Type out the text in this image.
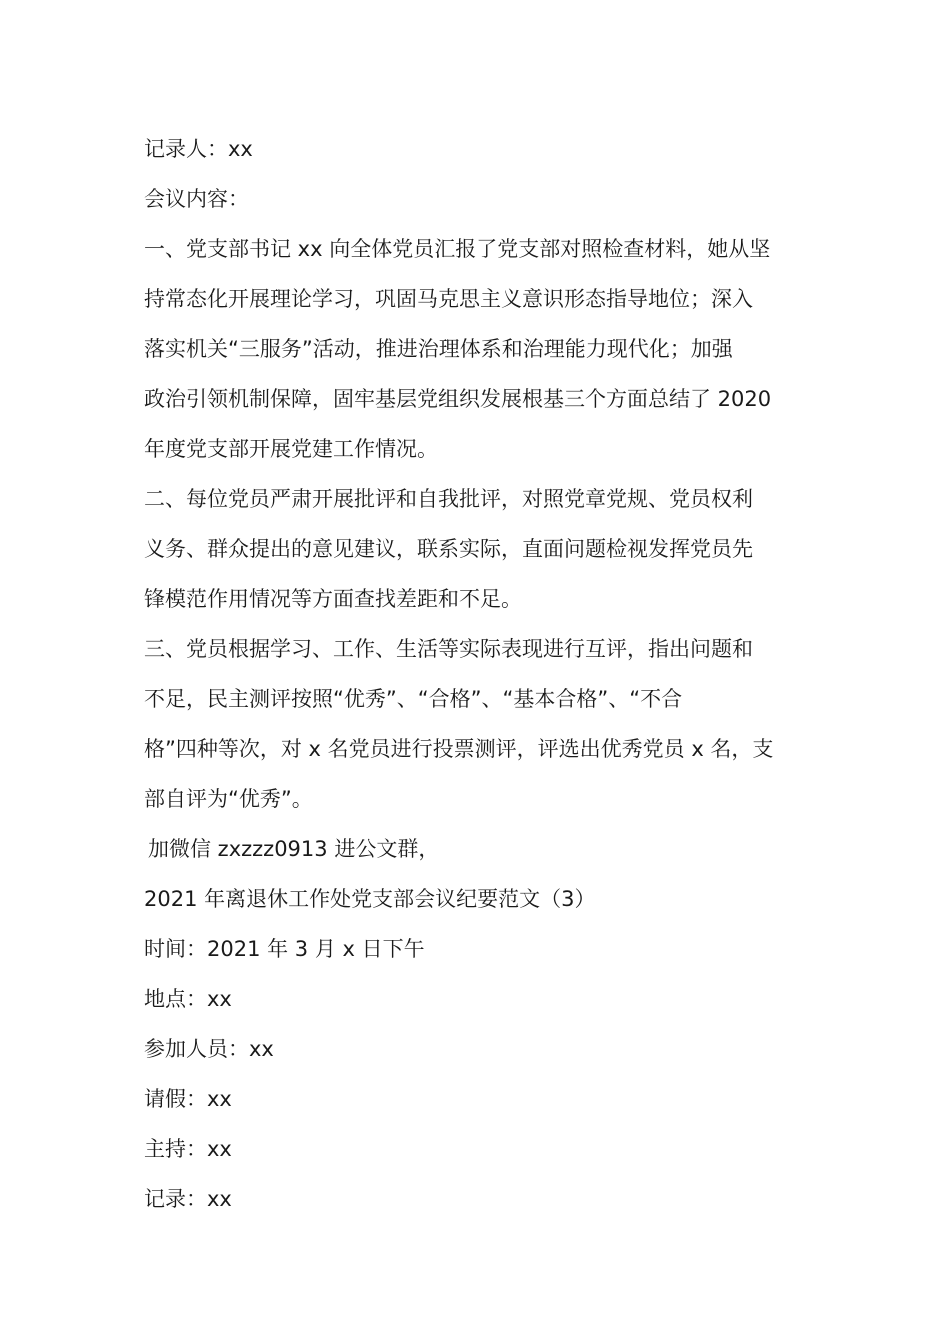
记录人：xx

会议内容：

一、党支部书记 xx 向全体党员汇报了党支部对照检查材料，她从坚

持常态化开展理论学习，巩固马克思主义意识形态指导地位；深入

落实机关“三服务”活动，推进治理体系和治理能力现代化；加强

政治引领机制保障，固牢基层党组织发展根基三个方面总结了 2020

年度党支部开展党建工作情况。

二、每位党员严肃开展批评和自我批评，对照党章党规、党员权利

义务、群众提出的意见建议，联系实际，直面问题检视发挥党员先

锋模范作用情况等方面查找差距和不足。

三、党员根据学习、工作、生活等实际表现进行互评，指出问题和

不足，民主测评按照“优秀”、“合格”、“基本合格”、“不合

格”四种等次，对 x 名党员进行投票测评，评选出优秀党员 x 名，支

部自评为“优秀”。

加微信 zxzzz0913 进公文群，

2021 年离退休工作处党支部会议纪要范文（3）

时间：2021 年 3 月 x 日下午

地点：xx

参加人员：xx

请假：xx

主持：xx

记录：xx
